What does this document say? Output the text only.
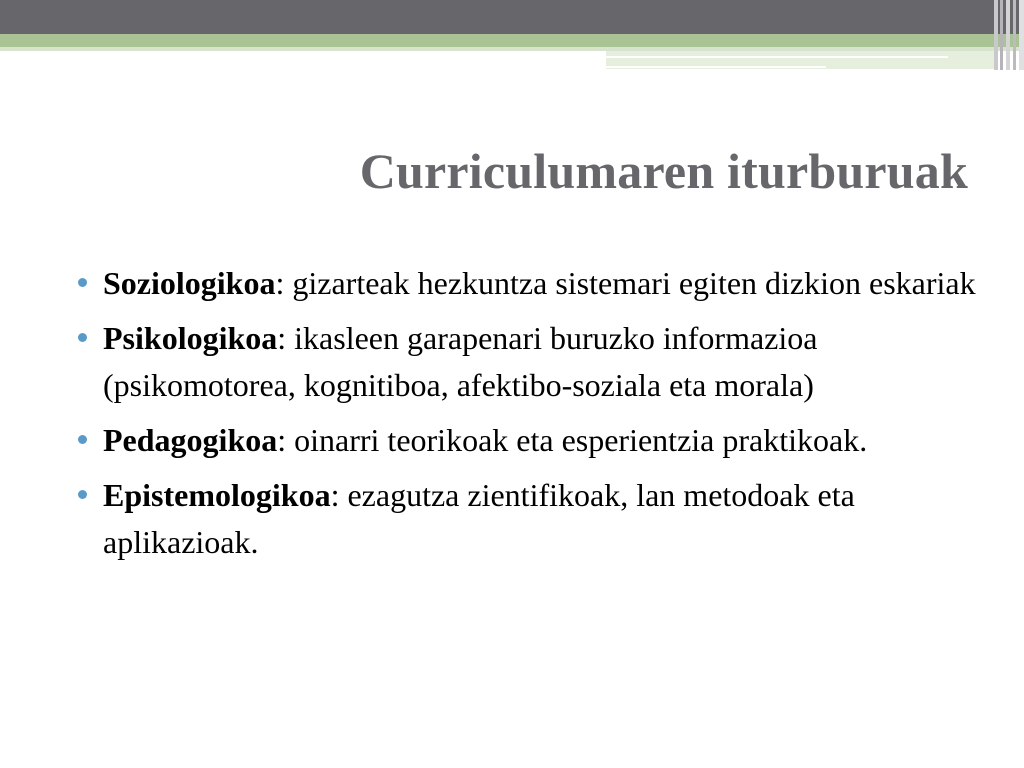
Curriculumaren iturburuak
Soziologikoa: gizarteak hezkuntza sistemari egiten dizkion eskariak
Psikologikoa: ikasleen garapenari buruzko informazioa (psikomotorea, kognitiboa, afektibo-soziala eta morala)
Pedagogikoa: oinarri teorikoak eta esperientzia praktikoak.
Epistemologikoa: ezagutza zientifikoak, lan metodoak eta aplikazioak.
